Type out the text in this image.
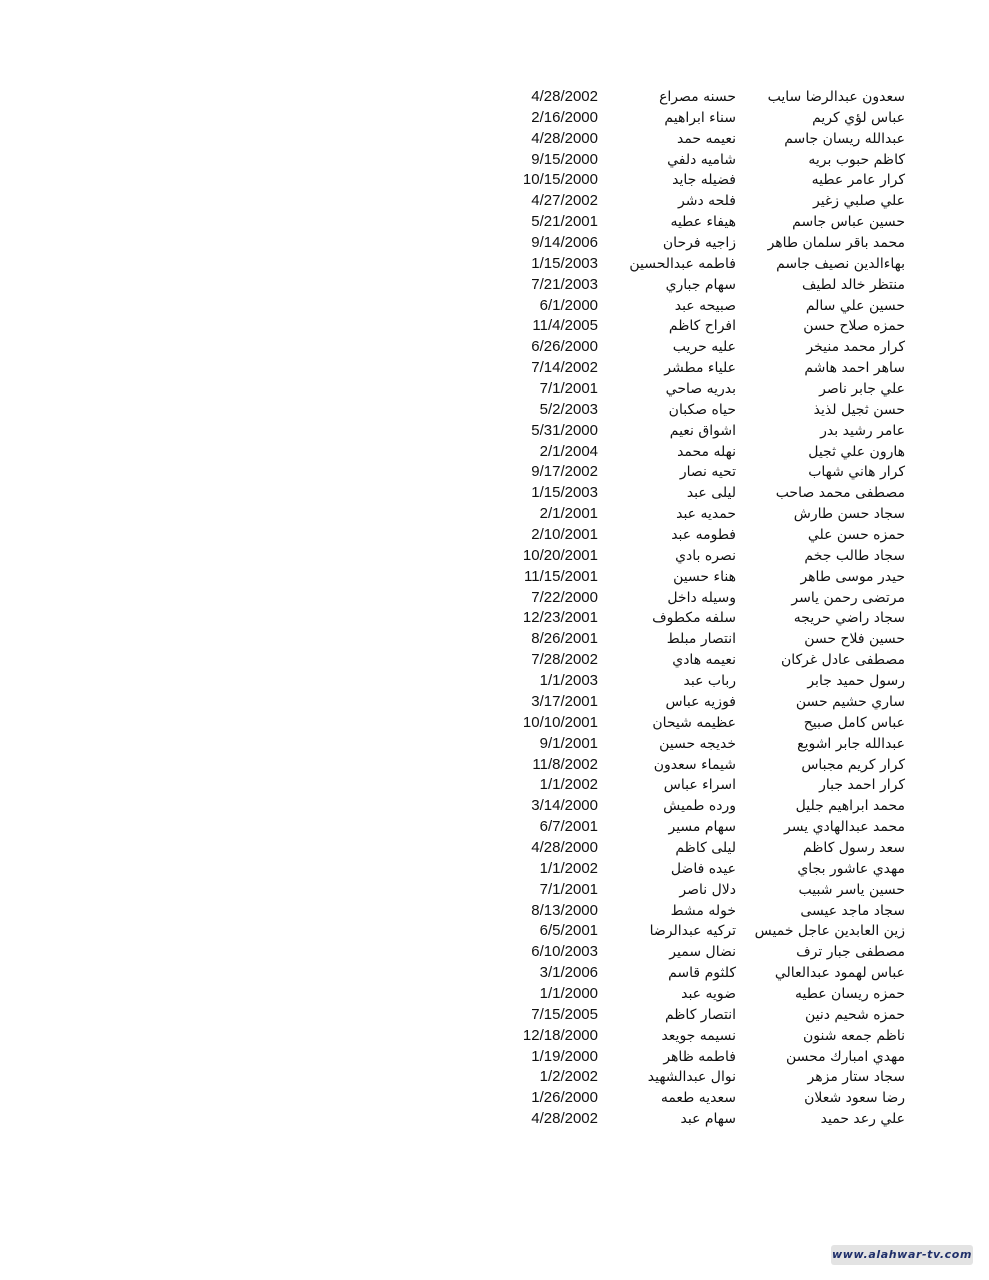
سعدون عبدالرضا سايب
حسنه مصراع
4/28/2002
عباس لؤي كريم
سناء ابراهيم
2/16/2000
عبدالله ريسان جاسم
نعيمه حمد
4/28/2000
كاظم حبوب بريه
شاميه دلفي
9/15/2000
كرار عامر عطيه
فضيله جايد
10/15/2000
علي صلبي زغير
فلحه دشر
4/27/2002
حسين عباس جاسم
هيفاء عطيه
5/21/2001
محمد باقر سلمان طاهر
زاجيه فرحان
9/14/2006
بهاءالدين نصيف جاسم
فاطمه عبدالحسين
1/15/2003
منتظر خالد لطيف
سهام جباري
7/21/2003
حسين علي سالم
صبيحه عبد
6/1/2000
حمزه صلاح حسن
افراح كاظم
11/4/2005
كرار محمد منيخر
عليه حريب
6/26/2000
ساهر احمد هاشم
علياء مطشر
7/14/2002
علي جابر ناصر
بدريه صاحي
7/1/2001
حسن ثجيل لذيذ
حياه صكبان
5/2/2003
عامر رشيد بدر
اشواق نعيم
5/31/2000
هارون علي ثجيل
نهله محمد
2/1/2004
كرار هاني شهاب
تحيه نصار
9/17/2002
مصطفى محمد صاحب
ليلى عبد
1/15/2003
سجاد حسن طارش
حمديه عبد
2/1/2001
حمزه حسن علي
فطومه عبد
2/10/2001
سجاد طالب جخم
نصره بادي
10/20/2001
حيدر موسى طاهر
هناء حسين
11/15/2001
مرتضى رحمن ياسر
وسيله داخل
7/22/2000
سجاد راضي حريجه
سلفه مكطوف
12/23/2001
حسين فلاح حسن
انتصار مبلط
8/26/2001
مصطفى عادل غركان
نعيمه هادي
7/28/2002
رسول حميد جابر
رباب عبد
1/1/2003
ساري حشيم حسن
فوزيه عباس
3/17/2001
عباس كامل صبيح
عظيمه شيحان
10/10/2001
عبدالله جابر اشويع
خديجه حسين
9/1/2001
كرار كريم مجباس
شيماء سعدون
11/8/2002
كرار احمد جبار
اسراء عباس
1/1/2002
محمد ابراهيم جليل
ورده طميش
3/14/2000
محمد عبدالهادي يسر
سهام مسير
6/7/2001
سعد رسول كاظم
ليلى كاظم
4/28/2000
مهدي عاشور بجاي
عيده فاضل
1/1/2002
حسين ياسر شبيب
دلال ناصر
7/1/2001
سجاد ماجد عيسى
خوله مشط
8/13/2000
زين العابدين عاجل خميس
تركيه عبدالرضا
6/5/2001
مصطفى جبار ترف
نضال سمير
6/10/2003
عباس لهمود عبدالعالي
كلثوم قاسم
3/1/2006
حمزه ريسان عطيه
ضويه عبد
1/1/2000
حمزه شحيم دنين
انتصار كاظم
7/15/2005
ناظم جمعه شنون
نسيمه جويعد
12/18/2000
مهدي امبارك محسن
فاطمه ظاهر
1/19/2000
سجاد ستار مزهر
نوال عبدالشهيد
1/2/2002
رضا سعود شعلان
سعديه طعمه
1/26/2000
علي رعد حميد
سهام عبد
4/28/2002
www.alahwar-tv.com
